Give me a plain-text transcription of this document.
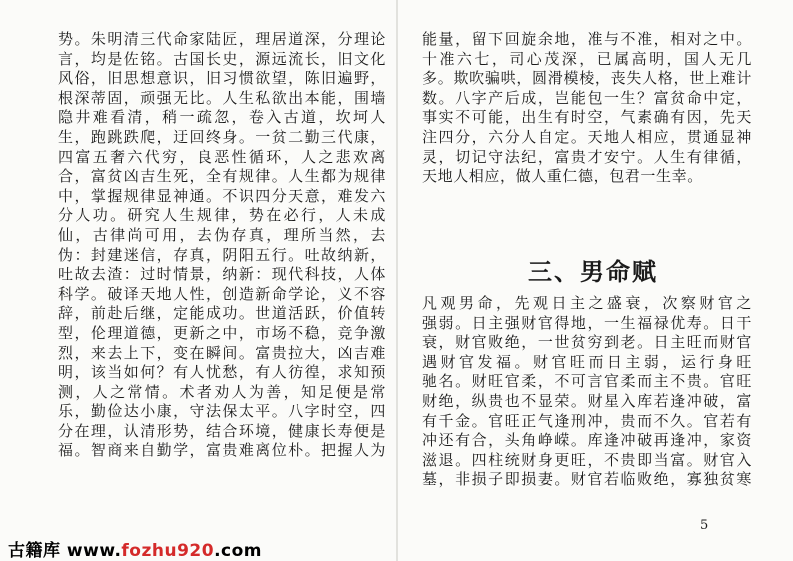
势。朱明清三代命家陆匠，理居道深，分理论
言，均是佐铭。古国长史，源远流长，旧文化
风俗，旧思想意识，旧习惯欲望，陈旧遍野，
根深蒂固，顽强无比。人生私欲出本能，围墙
隐井难看清，稍一疏忽，卷入古道，坎坷人
生，跑跳跌爬，迂回终身。一贫二勤三代康，
四富五奢六代穷，良恶性循环，人之悲欢离
合，富贫凶吉生死，全有规律。人生都为规律
中，掌握规律显神通。不识四分天意，难发六
分人功。研究人生规律，势在必行，人未成
仙，古律尚可用，去伪存真，理所当然，去
伪：封建迷信，存真，阴阳五行。吐故纳新，
吐故去渣：过时情景，纳新：现代科技，人体
科学。破译天地人性，创造新命学论，义不容
辞，前赴后继，定能成功。世道活跃，价值转
型，伦理道德，更新之中，市场不稳，竞争激
烈，来去上下，变在瞬间。富贵拉大，凶吉难
明，该当如何？有人忧愁，有人彷徨，求知预
测，人之常情。术者劝人为善，知足便是常
乐，勤俭达小康，守法保太平。八字时空，四
分在理，认清形势，结合环境，健康长寿便是
福。智商来自勤学，富贵难离位朴。把握人为
能量，留下回旋余地，准与不准，相对之中。
十准六七，司心茂深，已属高明，国人无几
多。欺吹骗哄，圆滑模棱，丧失人格，世上难计
数。八字产后成，岂能包一生？富贫命中定，
事实不可能，出生有时空，气素确有因，先天
注四分，六分人自定。天地人相应，贯通显神
灵，切记守法纪，富贵才安宁。人生有律循，
天地人相应，做人重仁德，包君一生幸。
三、男命赋
凡观男命，先观日主之盛衰，次察财官之
强弱。日主强财官得地，一生福禄优寿。日干
衰，财官败绝，一世贫穷到老。日主旺而财官
遇财官发福。财官旺而日主弱，运行身旺
驰名。财旺官柔，不可言官柔而主不贵。官旺
财绝，纵贵也不显荣。财星入库若逢冲破，富
有千金。官旺正气逢刑冲，贵而不久。官若有
冲还有合，头角峥嵘。库逢冲破再逢冲，家资
滋退。四柱统财身更旺，不贵即当富。财官入
墓，非损子即损妻。财官若临败绝，寡独贫寒
5
古籍库 www.fozhu920.com
